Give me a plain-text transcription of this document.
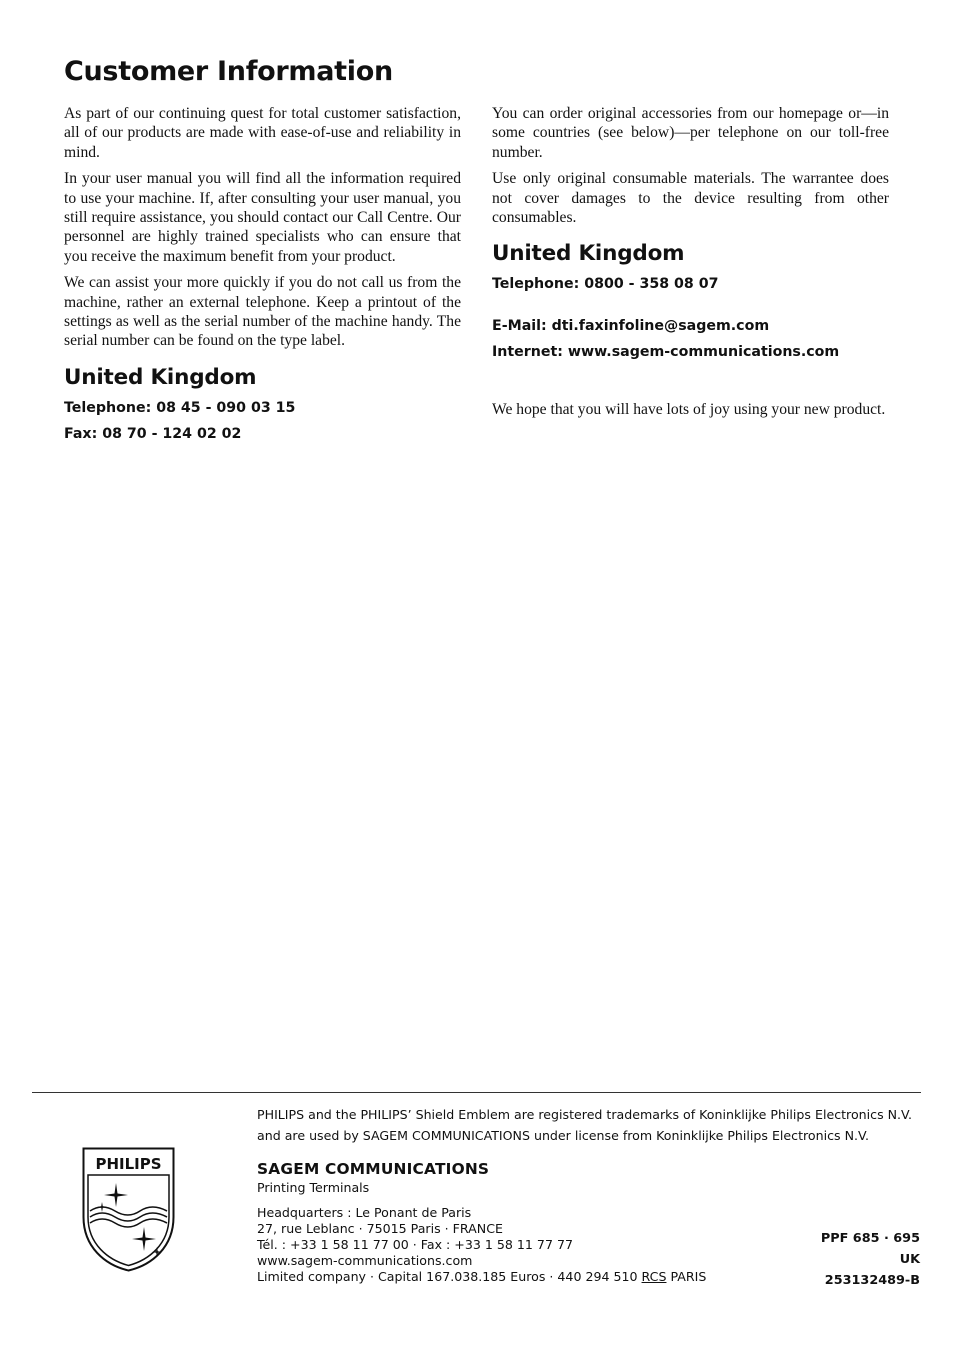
Customer Information

As part of our continuing quest for total customer satisfaction, all of our products are made with ease-of-use and reliability in mind.

In your user manual you will find all the information required to use your machine. If, after consulting your user manual, you still require assistance, you should contact our Call Centre. Our personnel are highly trained specialists who can ensure that you receive the maximum benefit from your product.

We can assist your more quickly if you do not call us from the machine, rather an external telephone. Keep a printout of the settings as well as the serial number of the machine handy. The serial number can be found on the type label.

United Kingdom
Telephone: 08 45 - 090 03 15
Fax: 08 70 - 124 02 02

You can order original accessories from our homepage or—in some countries (see below)—per telephone on our toll-free number.

Use only original consumable materials. The warrantee does not cover damages to the device resulting from other consumables.

United Kingdom
Telephone: 0800 - 358 08 07
E-Mail: dti.faxinfoline@sagem.com
Internet: www.sagem-communications.com

We hope that you will have lots of joy using your new product.

PHILIPS

PHILIPS and the PHILIPS’ Shield Emblem are registered trademarks of Koninklijke Philips Electronics N.V.

and are used by SAGEM COMMUNICATIONS under license from Koninklijke Philips Electronics N.V.

SAGEM COMMUNICATIONS

Printing Terminals

Headquarters : Le Ponant de Paris

27, rue Leblanc · 75015 Paris · FRANCE

Tél. : +33 1 58 11 77 00 · Fax : +33 1 58 11 77 77

www.sagem-communications.com

Limited company · Capital 167.038.185 Euros · 440 294 510 RCS PARIS

PPF 685 · 695
UK
253132489-B
